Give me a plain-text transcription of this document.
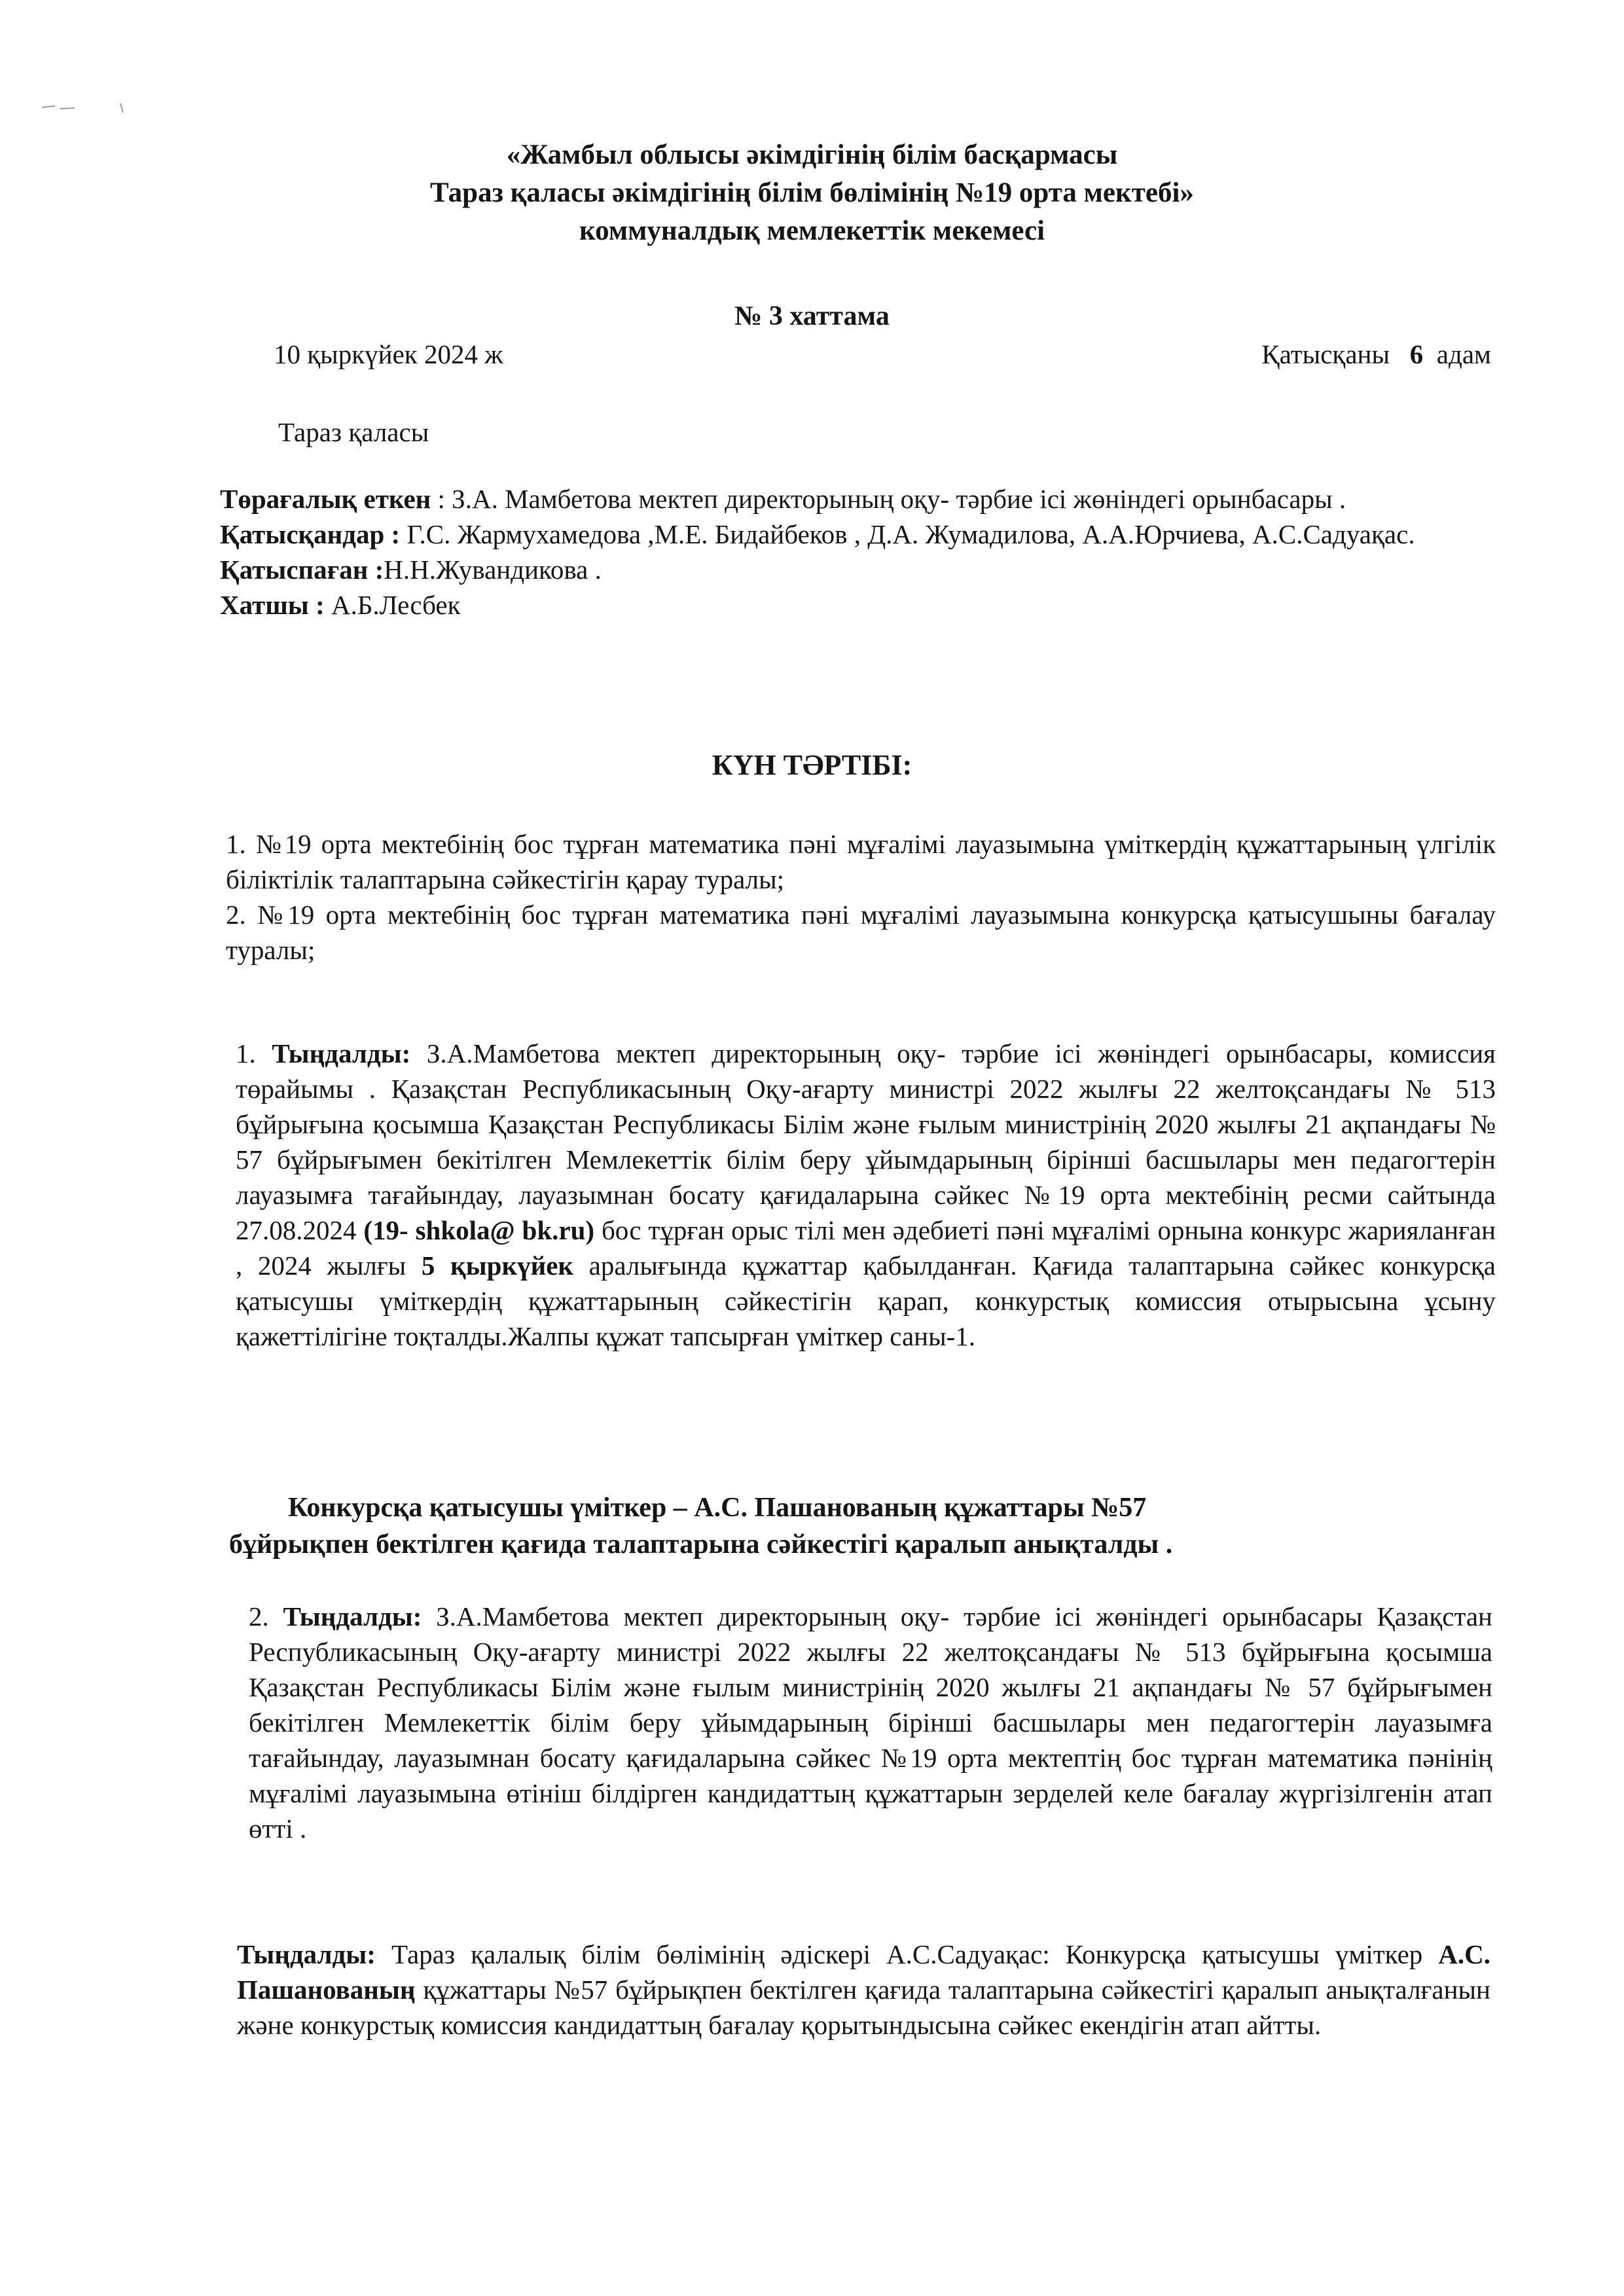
«Жамбыл облысы әкімдігінің білім басқармасы
Тараз қаласы әкімдігінің білім бөлімінің №19 орта мектебі»
коммуналдық мемлекеттік мекемесі
№ 3 хаттама
10 қыркүйек 2024 ж	Қатысқаны 6 адам
Тараз қаласы

Төрағалық еткен : З.А. Мамбетова мектеп директорының оқу- тәрбие ісі жөніндегі орынбасары .

Қатысқандар : Г.С. Жармухамедова ,М.Е. Бидайбеков , Д.А. Жумадилова, А.А.Юрчиева, А.С.Садуақас.

Қатыспаған :Н.Н.Жувандикова .

Хатшы : А.Б.Лесбек

КҮН ТӘРТІБІ:

1. №19 орта мектебінің бос тұрған математика пәні мұғалімі лауазымына үміткердің құжаттарының үлгілік біліктілік талаптарына сәйкестігін қарау туралы;

2. №19 орта мектебінің бос тұрған математика пәні мұғалімі лауазымына конкурсқа қатысушыны бағалау туралы;

1. Тыңдалды: З.А.Мамбетова мектеп директорының оқу- тәрбие ісі жөніндегі орынбасары, комиссия төрайымы . Қазақстан Республикасының Оқу-ағарту министрі 2022 жылғы 22 желтоқсандағы № 513 бұйрығына қосымша Қазақстан Республикасы Білім және ғылым министрінің 2020 жылғы 21 ақпандағы № 57 бұйрығымен бекітілген Мемлекеттік білім беру ұйымдарының бірінші басшылары мен педагогтерін лауазымға тағайындау, лауазымнан босату қағидаларына сәйкес №19 орта мектебінің ресми сайтында 27.08.2024 (19- shkola@ bk.ru) бос тұрған орыс тілі мен әдебиеті пәні мұғалімі орнына конкурс жарияланған , 2024 жылғы 5 қыркүйек аралығында құжаттар қабылданған. Қағида талаптарына сәйкес конкурсқа қатысушы үміткердің құжаттарының сәйкестігін қарап, конкурстық комиссия отырысына ұсыну қажеттілігіне тоқталды.Жалпы құжат тапсырған үміткер саны-1.

Конкурсқа қатысушы үміткер – А.С. Пашанованың құжаттары №57

бұйрықпен бектілген қағида талаптарына сәйкестігі қаралып анықталды .

2. Тыңдалды: З.А.Мамбетова мектеп директорының оқу- тәрбие ісі жөніндегі орынбасары Қазақстан Республикасының Оқу-ағарту министрі 2022 жылғы 22 желтоқсандағы № 513 бұйрығына қосымша Қазақстан Республикасы Білім және ғылым министрінің 2020 жылғы 21 ақпандағы № 57 бұйрығымен бекітілген Мемлекеттік білім беру ұйымдарының бірінші басшылары мен педагогтерін лауазымға тағайындау, лауазымнан босату қағидаларына сәйкес №19 орта мектептің бос тұрған математика пәнінің мұғалімі лауазымына өтініш білдірген кандидаттың құжаттарын зерделей келе бағалау жүргізілгенін атап өтті .

Тыңдалды: Тараз қалалық білім бөлімінің әдіскері А.С.Садуақас: Конкурсқа қатысушы үміткер А.С. Пашанованың құжаттары №57 бұйрықпен бектілген қағида талаптарына сәйкестігі қаралып анықталғанын және конкурстық комиссия кандидаттың бағалау қорытындысына сәйкес екендігін атап айтты.
